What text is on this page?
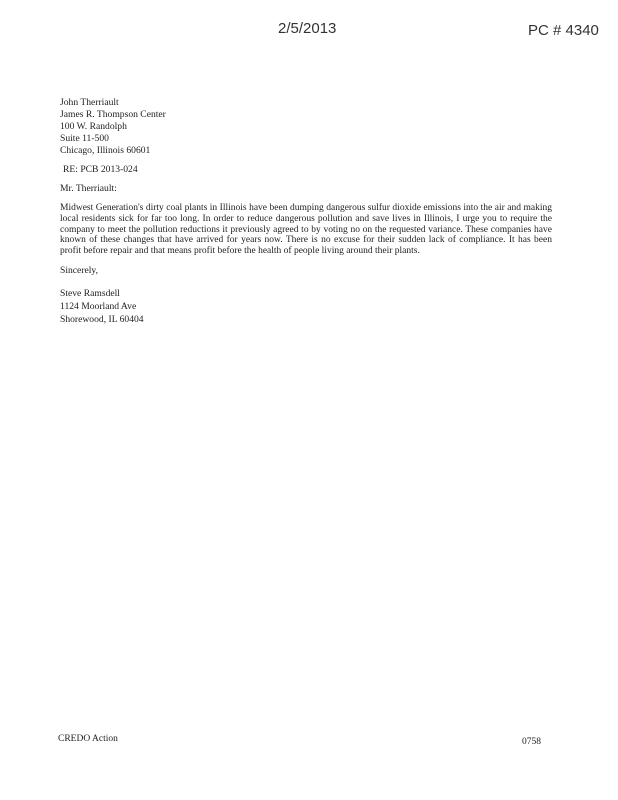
2/5/2013	PC # 4340
John Therriault
James R. Thompson Center
100 W. Randolph
Suite 11-500
Chicago, Illinois 60601
RE: PCB 2013-024
Mr. Therriault:
Midwest Generation's dirty coal plants in Illinois have been dumping dangerous sulfur dioxide emissions into the air and making local residents sick for far too long. In order to reduce dangerous pollution and save lives in Illinois, I urge you to require the company to meet the pollution reductions it previously agreed to by voting no on the requested variance. These companies have known of these changes that have arrived for years now. There is no excuse for their sudden lack of compliance. It has been profit before repair and that means profit before the health of people living around their plants.
Sincerely,
Steve Ramsdell
1124 Moorland Ave
Shorewood, IL 60404
CREDO Action	0758
